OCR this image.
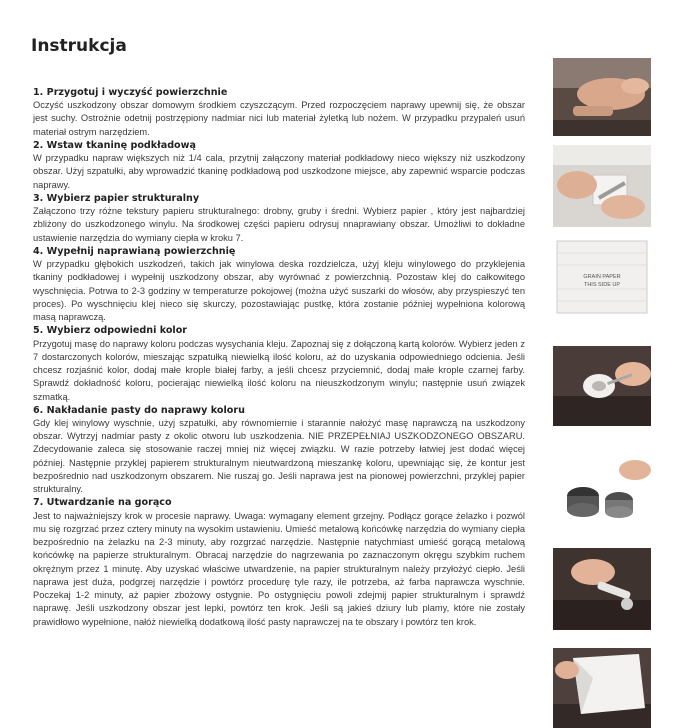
Instrukcja
1. Przygotuj i wyczyść powierzchnie

Oczyść uszkodzony obszar domowym środkiem czyszczącym. Przed rozpoczęciem naprawy upewnij się, że obszar jest suchy. Ostrożnie odetnij postrzępiony nadmiar nici lub materiał żyletką lub nożem. W przypadku przypaleń usuń materiał ostrym narzędziem.

2. Wstaw tkaninę podkładową

W przypadku napraw większych niż 1/4 cala, przytnij załączony materiał podkładowy nieco większy niż uszkodzony obszar. Użyj szpatułki, aby wprowadzić tkaninę podkładową pod uszkodzone miejsce, aby zapewnić wsparcie podczas naprawy.

3. Wybierz papier strukturalny

Załączono trzy różne tekstury papieru strukturalnego: drobny, gruby i średni. Wybierz papier , który jest najbardziej zbliżony do uszkodzonego winylu. Na środkowej części papieru odrysuj nnaprawiany obszar. Umożliwi to dokładne ustawienie narzędzia do wymiany ciepła w kroku 7.

4. Wypełnij naprawianą powierzchnię

W przypadku głębokich uszkodzeń, takich jak winylowa deska rozdzielcza, użyj kleju winylowego do przyklejenia tkaniny podkładowej i wypełnij uszkodzony obszar, aby wyrównać z powierzchnią. Pozostaw klej do całkowitego wyschnięcia. Potrwa to 2-3 godziny w temperaturze pokojowej (można użyć suszarki do włosów, aby przyspieszyć ten proces). Po wyschnięciu klej nieco się skurczy, pozostawiając pustkę, która zostanie później wypełniona kolorową masą naprawczą.

5. Wybierz odpowiedni kolor

Przygotuj masę do naprawy koloru podczas wysychania kleju. Zapoznaj się z dołączoną kartą kolorów. Wybierz jeden z 7 dostarczonych kolorów, mieszając szpatułką niewielką ilość koloru, aż do uzyskania odpowiedniego odcienia. Jeśli chcesz rozjaśnić kolor, dodaj małe krople białej farby, a jeśli chcesz przyciemnić, dodaj małe krople czarnej farby. Sprawdź dokładność koloru, pocierając niewielką ilość koloru na nieuszkodzonym winylu; następnie usuń związek szmatką.

6. Nakładanie pasty do naprawy koloru

Gdy klej winylowy wyschnie, użyj szpatułki, aby równomiernie i starannie nałożyć masę naprawczą na uszkodzony obszar. Wytrzyj nadmiar pasty z okolic otworu lub uszkodzenia. NIE PRZEPEŁNIAJ USZKODZONEGO OBSZARU. Zdecydowanie zaleca się stosowanie raczej mniej niż więcej związku. W razie potrzeby łatwiej jest dodać więcej później. Następnie przyklej papierem strukturalnym nieutwardzoną mieszankę koloru, upewniając się, że kontur jest bezpośrednio nad uszkodzonym obszarem. Nie ruszaj go. Jeśli naprawa jest na pionowej powierzchni, przyklej papier strukturalny.

7. Utwardzanie na gorąco

Jest to najważniejszy krok w procesie naprawy. Uwaga: wymagany element grzejny. Podłącz gorące żelazko i pozwól mu się rozgrzać przez cztery minuty na wysokim ustawieniu. Umieść metalową końcówkę narzędzia do wymiany ciepła bezpośrednio na żelazku na 2-3 minuty, aby rozgrzać narzędzie. Następnie natychmiast umieść gorącą metalową końcówkę na papierze strukturalnym. Obracaj narzędzie do nagrzewania po zaznaczonym okręgu szybkim ruchem okrężnym przez 1 minutę. Aby uzyskać właściwe utwardzenie, na papier strukturalnym należy przyłożyć ciepło. Jeśli naprawa jest duża, podgrzej narzędzie i powtórz procedurę tyle razy, ile potrzeba, aż farba naprawcza wyschnie. Poczekaj 1-2 minuty, aż papier zbożowy ostygnie. Po ostygnięciu powoli zdejmij papier strukturalnym i sprawdź naprawę. Jeśli uszkodzony obszar jest lepki, powtórz ten krok. Jeśli są jakieś dziury lub plamy, które nie zostały prawidłowo wypełnione, nałóż niewielką dodatkową ilość pasty naprawczej na te obszary i powtórz ten krok.

GRAIN PAPER
THIS SIDE UP
